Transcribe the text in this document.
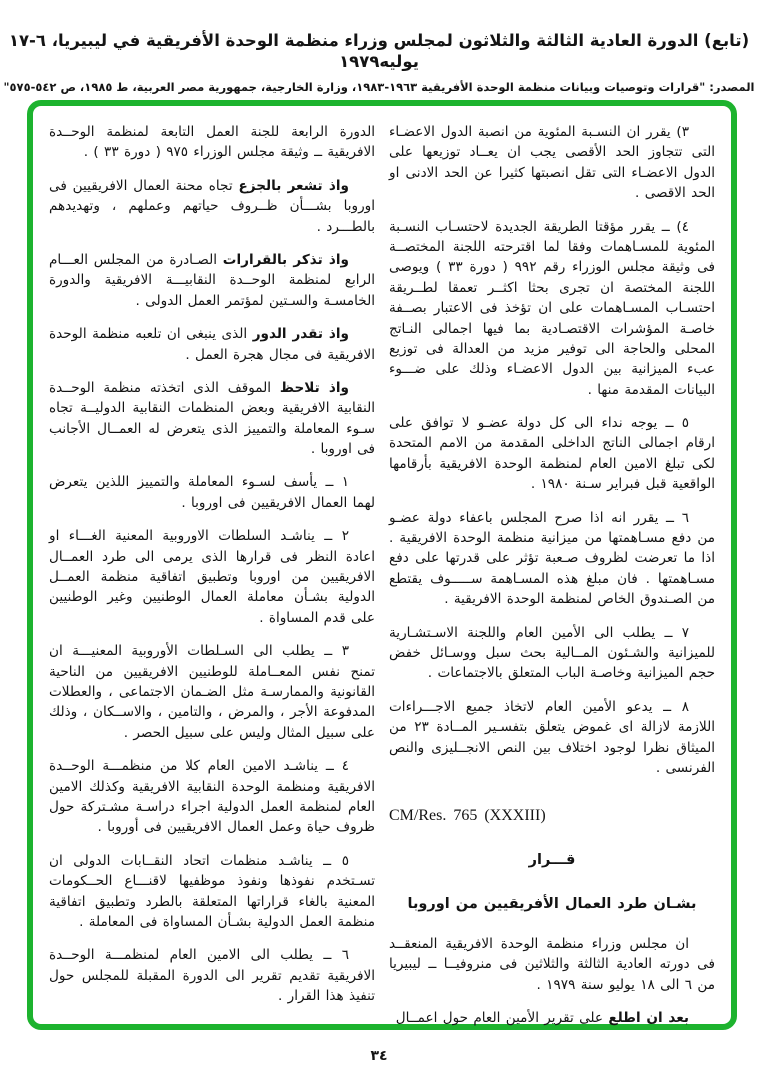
(تابع) الدورة العادية الثالثة والثلاثون لمجلس وزراء منظمة الوحدة الأفريقية في ليبيريا، ٦-١٧ يوليه١٩٧٩
المصدر: "قرارات وتوصيات وبيانات منظمة الوحدة الأفريقية ١٩٦٣-١٩٨٣، وزارة الخارجية، جمهورية مصر العربية، ط ١٩٨٥، ص ٥٤٢-٥٧٥"

٣) يقرر ان النسـبة المئوية من انصبة الدول الاعضـاء التى تتجاوز الحد الأقصى يجب ان يعــاد توزيعها على الدول الاعضـاء التى تقل انصبتها كثيرا عن الحد الادنى او الحد الاقصى .

٤) ــ يقرر مؤقتا الطريقة الجديدة لاحتسـاب النسـبة المئوية للمسـاهمات وفقا لما اقترحته اللجنة المختصــة فى وثيقة مجلس الوزراء رقم ٩٩٢ ( دورة ٣٣ ) ويوصى اللجنة المختصة ان تجرى بحثا اكثــر تعمقا لطــريقة احتسـاب المسـاهمات على ان تؤخذ فى الاعتبار بصــفة خاصـة المؤشرات الاقتصـادية بما فيها اجمالى النـاتج المحلى والحاجة الى توفير مزيد من العدالة فى توزيع عبء الميزانية بين الدول الاعضـاء وذلك على ضـــوء البيانات المقدمة منها .

٥ ــ يوجه نداء الى كل دولة عضـو لا توافق على ارقام اجمالى الناتج الداخلى المقدمة من الامم المتحدة لكى تبلغ الامين العام لمنظمة الوحدة الافريقية بأرقامها الواقعية قبل فبراير سـنة ١٩٨٠ .

٦ ــ يقرر انه اذا صرح المجلس باعفاء دولة عضـو من دفع مسـاهمتها من ميزانية منظمة الوحدة الافريقية . اذا ما تعرضت لظروف صـعبة تؤثر على قدرتها على دفع مسـاهمتها . فان مبلغ هذه المسـاهمة ســـــوف يقتطع من الصـندوق الخاص لمنظمة الوحدة الافريقية .

٧ ــ يطلب الى الأمين العام واللجنة الاسـتشـارية للميزانية والشـئون المــالية بحث سبل ووسـائل خفض حجم الميزانية وخاصـة الباب المتعلق بالاجتماعات .

٨ ــ يدعو الأمين العام لاتخاذ جميع الاجـــراءات اللازمة لازالة اى غموض يتعلق بتفسـير المــادة ٢٣ من الميثاق نظرا لوجود اختلاف بين النص الانجــليزى والنص الفرنسى .

CM/Res. 765 (XXXIII)

قـــرار

بشـان طرد العمال الأفريقيين من اوروبا

ان مجلس وزراء منظمة الوحدة الافريقية المنعقــد فى دورته العادية الثالثة والثلاثين فى منروفيــا ــ ليبيريا من ٦ الى ١٨ يوليو سنة ١٩٧٩ .

بعد ان اطلع على تقرير الأمين العام حول اعمــال

الدورة الرابعة للجنة العمل التابعة لمنظمة الوحــدة الافريقية ــ وثيقة مجلس الوزراء ٩٧٥ ( دورة ٣٣ ) .

واذ تشعر بالجزع تجاه محنة العمال الافريقيين فى اوروبا بشـــأن ظــروف حياتهم وعملهم ، وتهديدهم بالطـــرد .

واذ تذكر بالقرارات الصـادرة من المجلس العـــام الرابع لمنظمة الوحــدة النقابيـــة الافريقية والدورة الخامسـة والسـتين لمؤتمر العمل الدولى .

واذ تقدر الدور الذى ينبغى ان تلعبه منظمة الوحدة الافريقية فى مجال هجرة العمل .

واذ تلاحظ الموقف الذى اتخذته منظمة الوحــدة النقابية الافريقية وبعض المنظمات النقابية الدوليــة تجاه سـوء المعاملة والتمييز الذى يتعرض له العمــال الأجانب فى اوروبا .

١ ــ يأسف لسـوء المعاملة والتمييز اللذين يتعرض لهما العمال الافريقيين فى اوروبا .

٢ ــ يناشـد السلطات الاوروبية المعنية الغـــاء او اعادة النظر فى قرارها الذى يرمى الى طرد العمــال الافريقيين من اوروبا وتطبيق اتفاقية منظمة العمــل الدولية بشـأن معاملة العمال الوطنيين وغير الوطنيين على قدم المساواة .

٣ ــ يطلب الى السـلطات الأوروبية المعنيـــة ان تمنح نفس المعــاملة للوطنيين الافريقيين من الناحية القانونية والممارسـة مثل الضـمان الاجتماعى ، والعطلات المدفوعة الأجر ، والمرض ، والتامين ، والاســكان ، وذلك على سبيل المثال وليس على سبيل الحصر .

٤ ــ يناشـد الامين العام كلا من منظمـــة الوحــدة الافريقية ومنظمة الوحدة النقابية الافريقية وكذلك الامين العام لمنظمة العمل الدولية اجراء دراسـة مشـتركة حول ظروف حياة وعمل العمال الافريقيين فى أوروبا .

٥ ــ يناشـد منظمات اتحاد النقــابات الدولى ان تسـتخدم نفوذها ونفوذ موظفيها لاقنـــاع الحــكومات المعنية بالغاء قراراتها المتعلقة بالطرد وتطبيق اتفاقية منظمة العمل الدولية بشـأن المساواة فى المعاملة .

٦ ــ يطلب الى الامين العام لمنظمـــة الوحــدة الافريقية تقديم تقرير الى الدورة المقبلة للمجلس حول تنفيذ هذا القرار .

٣٤
